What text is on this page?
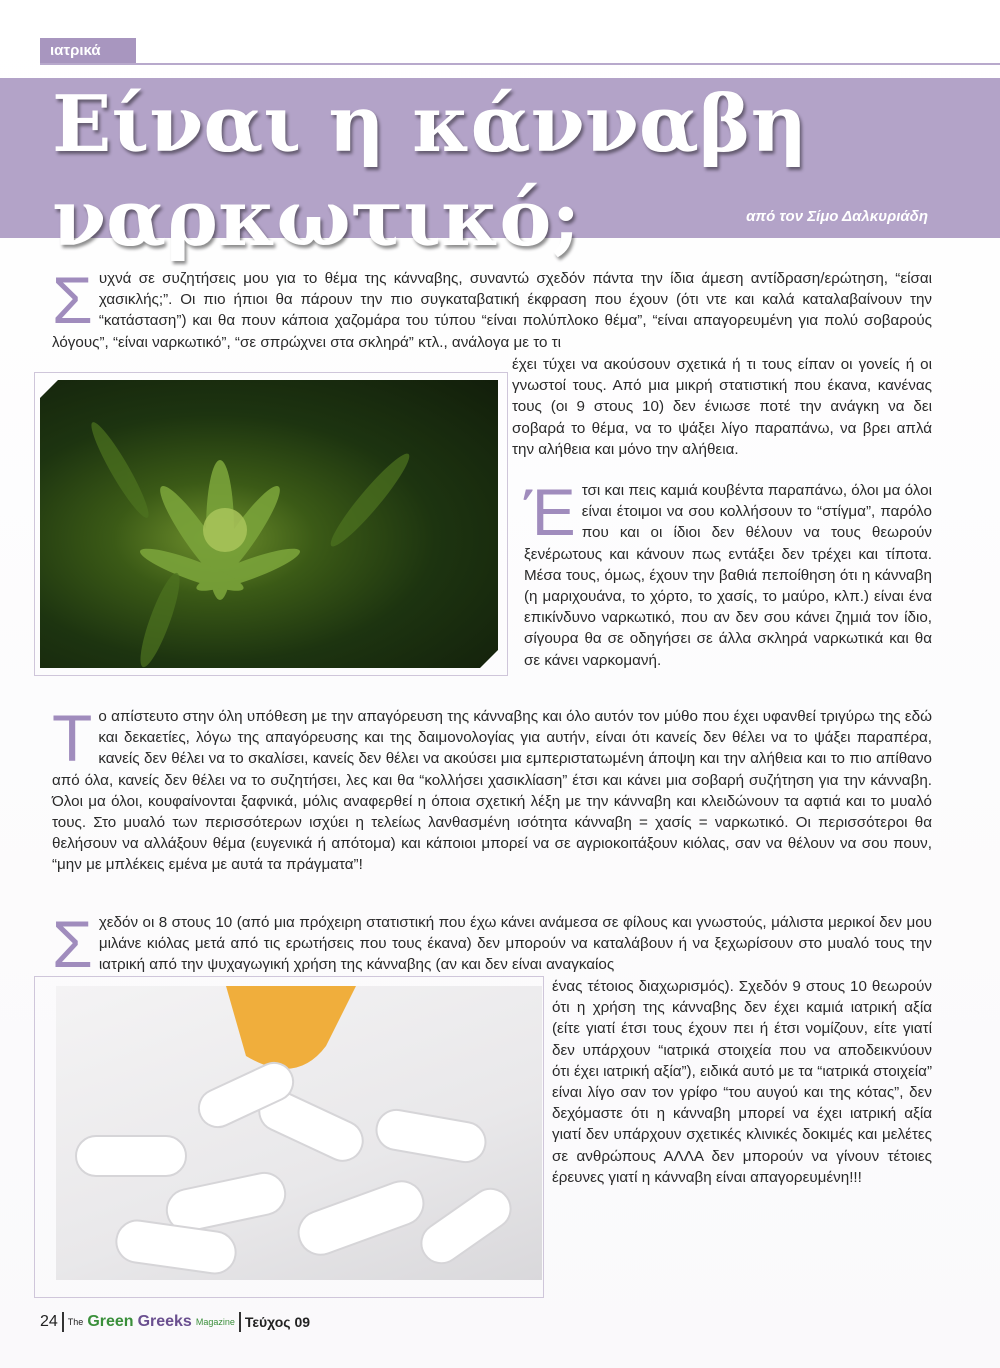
ιατρικά
Είναι η κάνναβη
ναρκωτικό;	από τον Σίμο Δαλκυριάδη

Σ υχνά σε συζητήσεις μου για το θέμα της κάνναβης, συναντώ σχεδόν πάντα την ίδια άμεση αντίδραση/ερώτηση, “είσαι χασικλής;”. Οι πιο ήπιοι θα πάρουν την πιο συγκαταβατική έκφραση που έχουν (ότι ντε και καλά καταλαβαίνουν την “κατάσταση”) και θα πουν κάποια χαζομάρα του τύπου “είναι πολύπλοκο θέμα”, “είναι απαγορευμένη για πολύ σοβαρούς λόγους”, “είναι ναρκωτικό”, “σε σπρώχνει στα σκληρά” κτλ., ανάλογα με το τι

έχει τύχει να ακούσουν σχετικά ή τι τους είπαν οι γονείς ή οι γνωστοί τους. Από μια μικρή στατιστική που έκανα, κανένας τους (οι 9 στους 10) δεν ένιωσε ποτέ την ανάγκη να δει σοβαρά το θέμα, να το ψάξει λίγο παραπάνω, να βρει απλά την αλήθεια και μόνο την αλήθεια.

Έ τσι και πεις καμιά κουβέντα παραπάνω, όλοι μα όλοι είναι έτοιμοι να σου κολλήσουν το “στίγμα”, παρόλο που και οι ίδιοι δεν θέλουν να τους θεωρούν ξενέρωτους και κάνουν πως εντάξει δεν τρέχει και τίποτα. Μέσα τους, όμως, έχουν την βαθιά πεποίθηση ότι η κάνναβη (η μαριχουάνα, το χόρτο, το χασίς, το μαύρο, κλπ.) είναι ένα επικίνδυνο ναρκωτικό, που αν δεν σου κάνει ζημιά τον ίδιο, σίγουρα θα σε οδηγήσει σε άλλα σκληρά ναρκωτικά και θα σε κάνει ναρκομανή.

Τ ο απίστευτο στην όλη υπόθεση με την απαγόρευση της κάνναβης και όλο αυτόν τον μύθο που έχει υφανθεί τριγύρω της εδώ και δεκαετίες, λόγω της απαγόρευσης και της δαιμονολογίας για αυτήν, είναι ότι κανείς δεν θέλει να το ψάξει παραπέρα, κανείς δεν θέλει να το σκαλίσει, κανείς δεν θέλει να ακούσει μια εμπεριστατωμένη άποψη και την αλήθεια και το πιο απίθανο από όλα, κανείς δεν θέλει να το συζητήσει, λες και θα “κολλήσει χασικλίαση” έτσι και κάνει μια σοβαρή συζήτηση για την κάνναβη. Όλοι μα όλοι, κουφαίνονται ξαφνικά, μόλις αναφερθεί η όποια σχετική λέξη με την κάνναβη και κλειδώνουν τα αφτιά και το μυαλό τους. Στο μυαλό των περισσότερων ισχύει η τελείως λανθασμένη ισότητα κάνναβη = χασίς = ναρκωτικό. Οι περισσότεροι θα θελήσουν να αλλάξουν θέμα (ευγενικά ή απότομα) και κάποιοι μπορεί να σε αγριοκοιτάξουν κιόλας, σαν να θέλουν να σου πουν, “μην με μπλέκεις εμένα με αυτά τα πράγματα”!

Σ χεδόν οι 8 στους 10 (από μια πρόχειρη στατιστική που έχω κάνει ανάμεσα σε φίλους και γνωστούς, μάλιστα μερικοί δεν μου μιλάνε κιόλας μετά από τις ερωτήσεις που τους έκανα) δεν μπορούν να καταλάβουν ή να ξεχωρίσουν στο μυαλό τους την ιατρική από την ψυχαγωγική χρήση της κάνναβης (αν και δεν είναι αναγκαίος

ένας τέτοιος διαχωρισμός). Σχεδόν 9 στους 10 θεωρούν ότι η χρήση της κάνναβης δεν έχει καμιά ιατρική αξία (είτε γιατί έτσι τους έχουν πει ή έτσι νομίζουν, είτε γιατί δεν υπάρχουν “ιατρικά στοιχεία που να αποδεικνύουν ότι έχει ιατρική αξία”), ειδικά αυτό με τα “ιατρικά στοιχεία” είναι λίγο σαν τον γρίφο “του αυγού και της κότας”, δεν δεχόμαστε ότι η κάνναβη μπορεί να έχει ιατρική αξία γιατί δεν υπάρχουν σχετικές κλινικές δοκιμές και μελέτες σε ανθρώπους ΑΛΛΑ δεν μπορούν να γίνουν τέτοιες έρευνες γιατί η κάνναβη είναι απαγορευμένη!!!

24 The Green Greeks Magazine Τεύχος 09
